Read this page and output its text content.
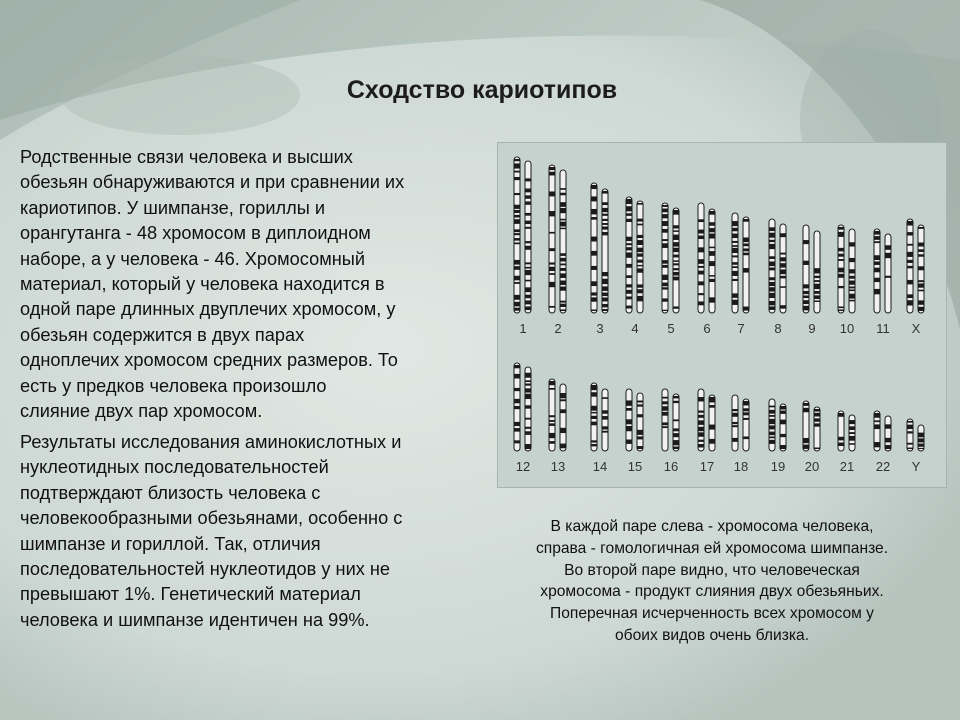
Сходство кариотипов
Родственные связи человека и высших
обезьян обнаруживаются и при сравнении их
кариотипов. У шимпанзе, гориллы и
орангутанга - 48 хромосом в диплоидном
наборе, а у человека - 46. Хромосомный
материал, который у человека находится в
одной паре длинных двуплечих хромосом, у
обезьян содержится в двух парах
одноплечих хромосом средних размеров. То
есть у предков человека произошло
слияние двух пар хромосом.
Результаты исследования аминокислотных и
нуклеотидных последовательностей
подтверждают близость человека с
человекообразными обезьянами, особенно с
шимпанзе и гориллой. Так, отличия
последовательностей нуклеотидов у них не
превышают 1%. Генетический материал
человека и шимпанзе идентичен на 99%.
1 2	3 4 5 6 7 8 9 10 11 X
12 13 14 15 16 17 18 19 20 21 22 Y
В каждой паре слева - хромосома человека,
справа - гомологичная ей хромосома шимпанзе.
Во второй паре видно, что человеческая
хромосома - продукт слияния двух обезьяньих.
Поперечная исчерченность всех хромосом у
обоих видов очень близка.
